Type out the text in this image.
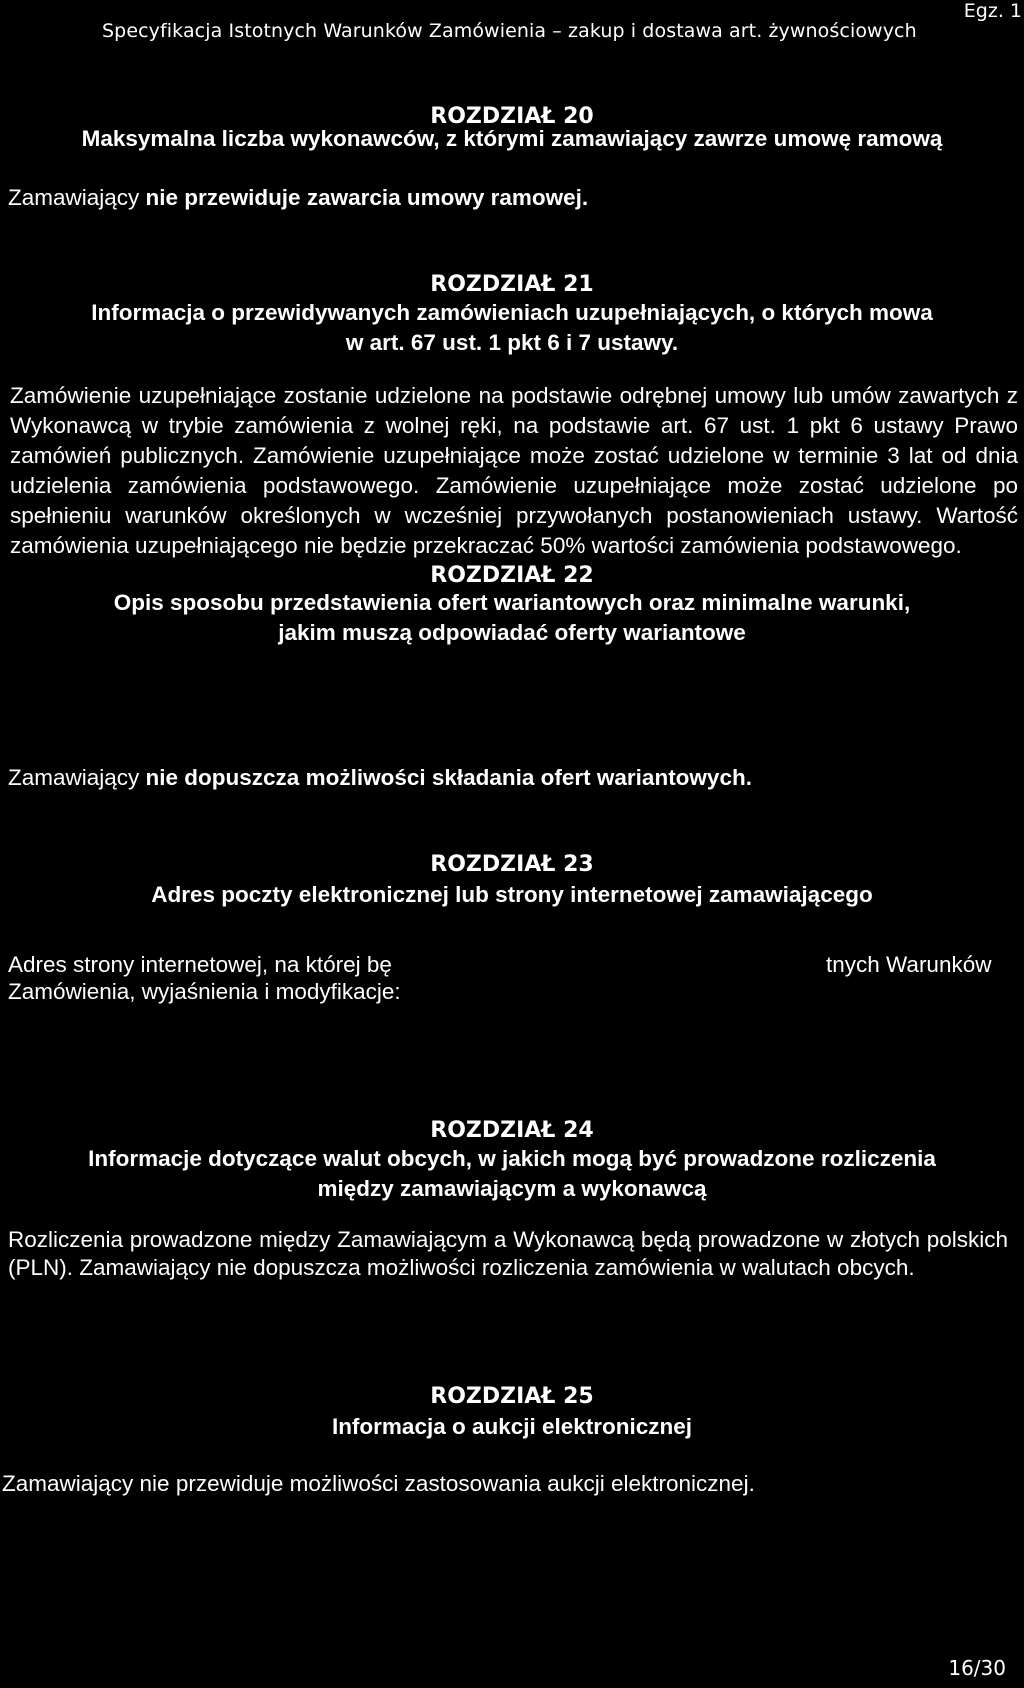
Specyfikacja Istotnych Warunków Zamówienia – zakup i dostawa art. żywnościowych
Egz. 1
ROZDZIAŁ 20
Maksymalna liczba wykonawców, z którymi zamawiający zawrze umowę ramową
Zamawiający nie przewiduje zawarcia umowy ramowej.
ROZDZIAŁ 21
Informacja o przewidywanych zamówieniach uzupełniających, o których mowa
w art. 67 ust. 1 pkt 6 i 7 ustawy.
Zamówienie uzupełniające zostanie udzielone na podstawie odrębnej umowy lub umów zawartych z Wykonawcą w trybie zamówienia z wolnej ręki, na podstawie art. 67 ust. 1 pkt 6 ustawy Prawo zamówień publicznych. Zamówienie uzupełniające może zostać udzielone w terminie 3 lat od dnia udzielenia zamówienia podstawowego. Zamówienie uzupełniające może zostać udzielone po spełnieniu warunków określonych w wcześniej przywołanych postanowieniach ustawy. Wartość zamówienia uzupełniającego nie będzie przekraczać 50% wartości zamówienia podstawowego.
ROZDZIAŁ 22
Opis sposobu przedstawienia ofert wariantowych oraz minimalne warunki,
jakim muszą odpowiadać oferty wariantowe
Zamawiający nie dopuszcza możliwości składania ofert wariantowych.
ROZDZIAŁ 23
Adres poczty elektronicznej lub strony internetowej zamawiającego
Adres strony internetowej, na której bę	tnych Warunków
Zamówienia, wyjaśnienia i modyfikacje:
ROZDZIAŁ 24
Informacje dotyczące walut obcych, w jakich mogą być prowadzone rozliczenia
między zamawiającym a wykonawcą
Rozliczenia prowadzone między Zamawiającym a Wykonawcą będą prowadzone w złotych polskich (PLN). Zamawiający nie dopuszcza możliwości rozliczenia zamówienia w walutach obcych.
ROZDZIAŁ 25
Informacja o aukcji elektronicznej
Zamawiający nie przewiduje możliwości zastosowania aukcji elektronicznej.
16/30
